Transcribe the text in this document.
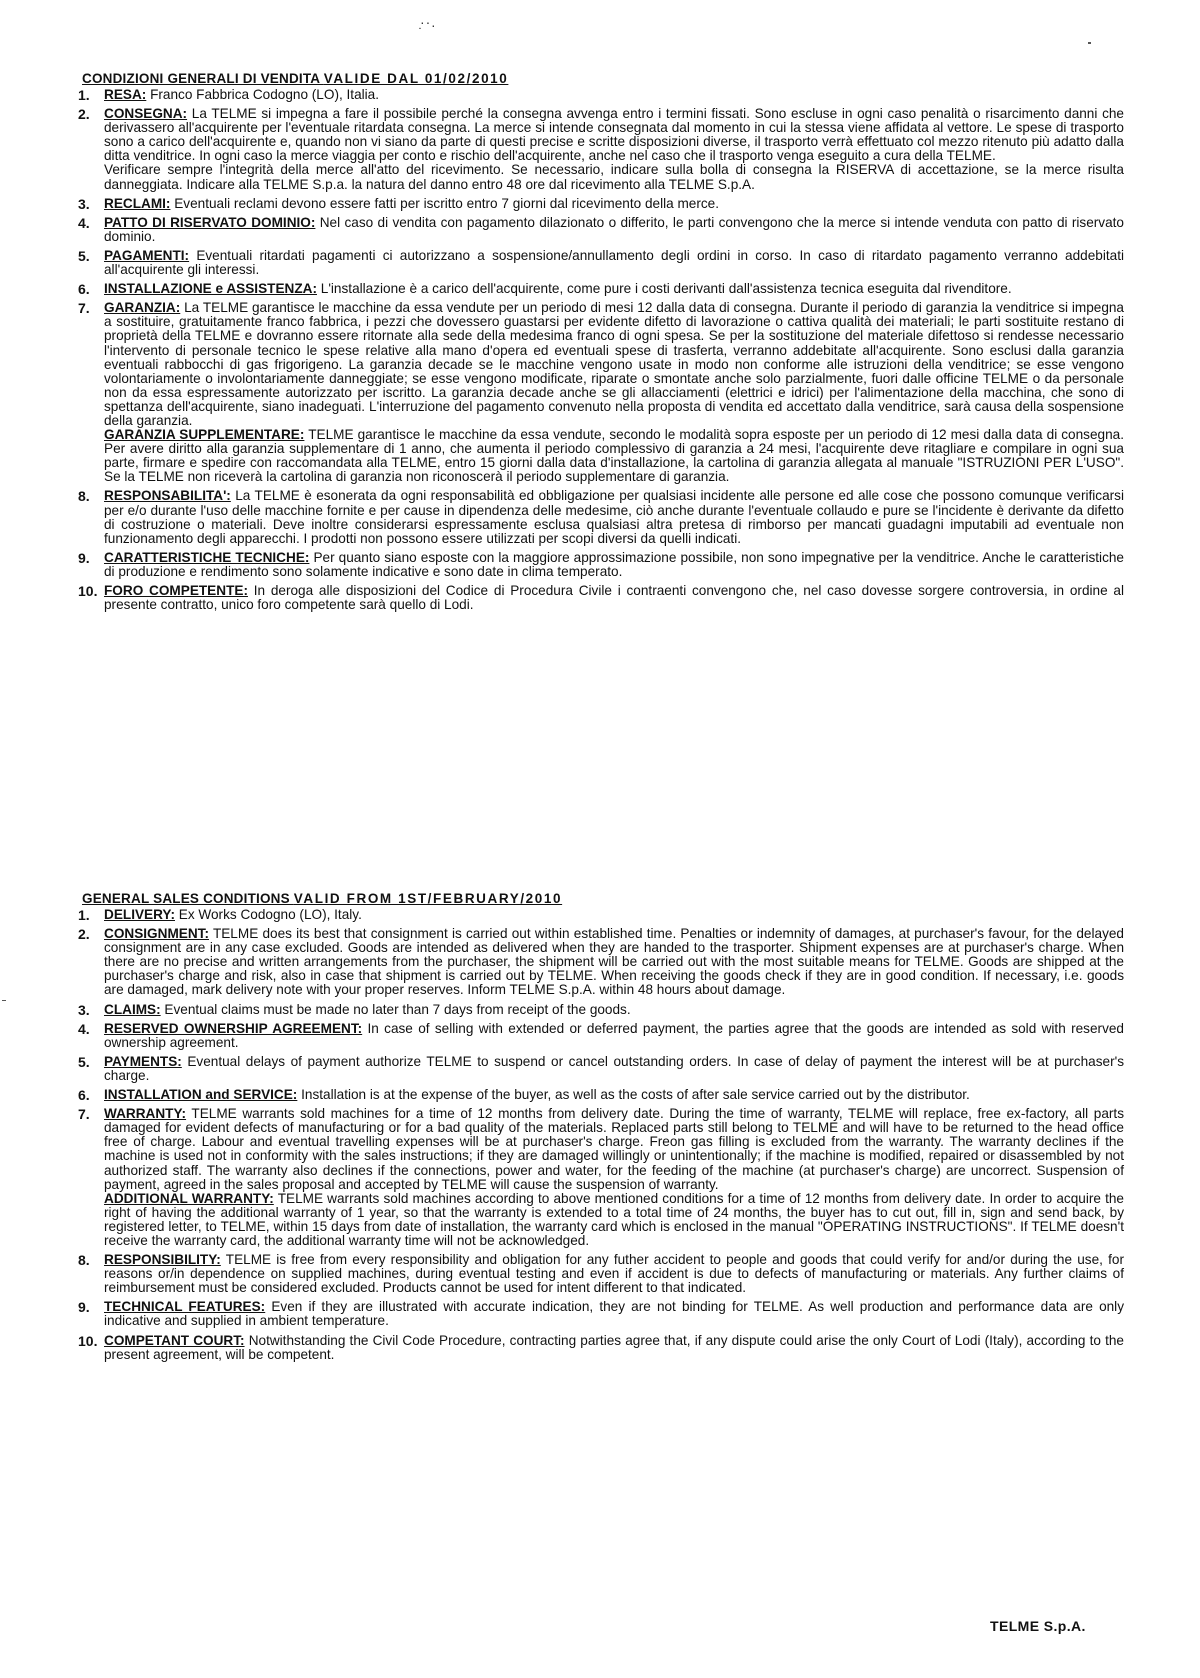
·̣·.
CONDIZIONI GENERALI DI VENDITA VALIDE DAL 01/02/2010
1. RESA: Franco Fabbrica Codogno (LO), Italia.
2. CONSEGNA: La TELME si impegna a fare il possibile perché la consegna avvenga entro i termini fissati. Sono escluse in ogni caso penalità o risarcimento danni che derivassero all'acquirente per l'eventuale ritardata consegna. La merce si intende consegnata dal momento in cui la stessa viene affidata al vettore. Le spese di trasporto sono a carico dell'acquirente e, quando non vi siano da parte di questi precise e scritte disposizioni diverse, il trasporto verrà effettuato col mezzo ritenuto più adatto dalla ditta venditrice. In ogni caso la merce viaggia per conto e rischio dell'acquirente, anche nel caso che il trasporto venga eseguito a cura della TELME.
Verificare sempre l'integrità della merce all'atto del ricevimento. Se necessario, indicare sulla bolla di consegna la RISERVA di accettazione, se la merce risulta danneggiata. Indicare alla TELME S.p.a. la natura del danno entro 48 ore dal ricevimento alla TELME S.p.A.
3. RECLAMI: Eventuali reclami devono essere fatti per iscritto entro 7 giorni dal ricevimento della merce.
4. PATTO DI RISERVATO DOMINIO: Nel caso di vendita con pagamento dilazionato o differito, le parti convengono che la merce si intende venduta con patto di riservato dominio.
5. PAGAMENTI: Eventuali ritardati pagamenti ci autorizzano a sospensione/annullamento degli ordini in corso. In caso di ritardato pagamento verranno addebitati all'acquirente gli interessi.
6. INSTALLAZIONE e ASSISTENZA: L'installazione è a carico dell'acquirente, come pure i costi derivanti dall'assistenza tecnica eseguita dal rivenditore.
7. GARANZIA: La TELME garantisce le macchine da essa vendute per un periodo di mesi 12 dalla data di consegna. Durante il periodo di garanzia la venditrice si impegna a sostituire, gratuitamente franco fabbrica, i pezzi che dovessero guastarsi per evidente difetto di lavorazione o cattiva qualità dei materiali; le parti sostituite restano di proprietà della TELME e dovranno essere ritornate alla sede della medesima franco di ogni spesa. Se per la sostituzione del materiale difettoso si rendesse necessario l'intervento di personale tecnico le spese relative alla mano d'opera ed eventuali spese di trasferta, verranno addebitate all'acquirente. Sono esclusi dalla garanzia eventuali rabbocchi di gas frigorigeno. La garanzia decade se le macchine vengono usate in modo non conforme alle istruzioni della venditrice; se esse vengono volontariamente o involontariamente danneggiate; se esse vengono modificate, riparate o smontate anche solo parzialmente, fuori dalle officine TELME o da personale non da essa espressamente autorizzato per iscritto. La garanzia decade anche se gli allacciamenti (elettrici e idrici) per l'alimentazione della macchina, che sono di spettanza dell'acquirente, siano inadeguati. L'interruzione del pagamento convenuto nella proposta di vendita ed accettato dalla venditrice, sarà causa della sospensione della garanzia.
GARANZIA SUPPLEMENTARE: TELME garantisce le macchine da essa vendute, secondo le modalità sopra esposte per un periodo di 12 mesi dalla data di consegna. Per avere diritto alla garanzia supplementare di 1 anno, che aumenta il periodo complessivo di garanzia a 24 mesi, l'acquirente deve ritagliare e compilare in ogni sua parte, firmare e spedire con raccomandata alla TELME, entro 15 giorni dalla data d'installazione, la cartolina di garanzia allegata al manuale "ISTRUZIONI PER L'USO". Se la TELME non riceverà la cartolina di garanzia non riconoscerà il periodo supplementare di garanzia.
8. RESPONSABILITA': La TELME è esonerata da ogni responsabilità ed obbligazione per qualsiasi incidente alle persone ed alle cose che possono comunque verificarsi per e/o durante l'uso delle macchine fornite e per cause in dipendenza delle medesime, ciò anche durante l'eventuale collaudo e pure se l'incidente è derivante da difetto di costruzione o materiali. Deve inoltre considerarsi espressamente esclusa qualsiasi altra pretesa di rimborso per mancati guadagni imputabili ad eventuale non funzionamento degli apparecchi. I prodotti non possono essere utilizzati per scopi diversi da quelli indicati.
9. CARATTERISTICHE TECNICHE: Per quanto siano esposte con la maggiore approssimazione possibile, non sono impegnative per la venditrice. Anche le caratteristiche di produzione e rendimento sono solamente indicative e sono date in clima temperato.
10. FORO COMPETENTE: In deroga alle disposizioni del Codice di Procedura Civile i contraenti convengono che, nel caso dovesse sorgere controversia, in ordine al presente contratto, unico foro competente sarà quello di Lodi.
GENERAL SALES CONDITIONS VALID FROM 1ST/FEBRUARY/2010
1. DELIVERY: Ex Works Codogno (LO), Italy.
2. CONSIGNMENT: TELME does its best that consignment is carried out within established time. Penalties or indemnity of damages, at purchaser's favour, for the delayed consignment are in any case excluded. Goods are intended as delivered when they are handed to the trasporter. Shipment expenses are at purchaser's charge. When there are no precise and written arrangements from the purchaser, the shipment will be carried out with the most suitable means for TELME. Goods are shipped at the purchaser's charge and risk, also in case that shipment is carried out by TELME. When receiving the goods check if they are in good condition. If necessary, i.e. goods are damaged, mark delivery note with your proper reserves. Inform TELME S.p.A. within 48 hours about damage.
3. CLAIMS: Eventual claims must be made no later than 7 days from receipt of the goods.
4. RESERVED OWNERSHIP AGREEMENT: In case of selling with extended or deferred payment, the parties agree that the goods are intended as sold with reserved ownership agreement.
5. PAYMENTS: Eventual delays of payment authorize TELME to suspend or cancel outstanding orders. In case of delay of payment the interest will be at purchaser's charge.
6. INSTALLATION and SERVICE: Installation is at the expense of the buyer, as well as the costs of after sale service carried out by the distributor.
7. WARRANTY: TELME warrants sold machines for a time of 12 months from delivery date. During the time of warranty, TELME will replace, free ex-factory, all parts damaged for evident defects of manufacturing or for a bad quality of the materials. Replaced parts still belong to TELME and will have to be returned to the head office free of charge. Labour and eventual travelling expenses will be at purchaser's charge. Freon gas filling is excluded from the warranty. The warranty declines if the machine is used not in conformity with the sales instructions; if they are damaged willingly or unintentionally; if the machine is modified, repaired or disassembled by not authorized staff. The warranty also declines if the connections, power and water, for the feeding of the machine (at purchaser's charge) are uncorrect. Suspension of payment, agreed in the sales proposal and accepted by TELME will cause the suspension of warranty.
ADDITIONAL WARRANTY: TELME warrants sold machines according to above mentioned conditions for a time of 12 months from delivery date. In order to acquire the right of having the additional warranty of 1 year, so that the warranty is extended to a total time of 24 months, the buyer has to cut out, fill in, sign and send back, by registered letter, to TELME, within 15 days from date of installation, the warranty card which is enclosed in the manual "OPERATING INSTRUCTIONS". If TELME doesn't receive the warranty card, the additional warranty time will not be acknowledged.
8. RESPONSIBILITY: TELME is free from every responsibility and obligation for any futher accident to people and goods that could verify for and/or during the use, for reasons or/in dependence on supplied machines, during eventual testing and even if accident is due to defects of manufacturing or materials. Any further claims of reimbursement must be considered excluded. Products cannot be used for intent different to that indicated.
9. TECHNICAL FEATURES: Even if they are illustrated with accurate indication, they are not binding for TELME. As well production and performance data are only indicative and supplied in ambient temperature.
10. COMPETANT COURT: Notwithstanding the Civil Code Procedure, contracting parties agree that, if any dispute could arise the only Court of Lodi (Italy), according to the present agreement, will be competent.
TELME S.p.A.
